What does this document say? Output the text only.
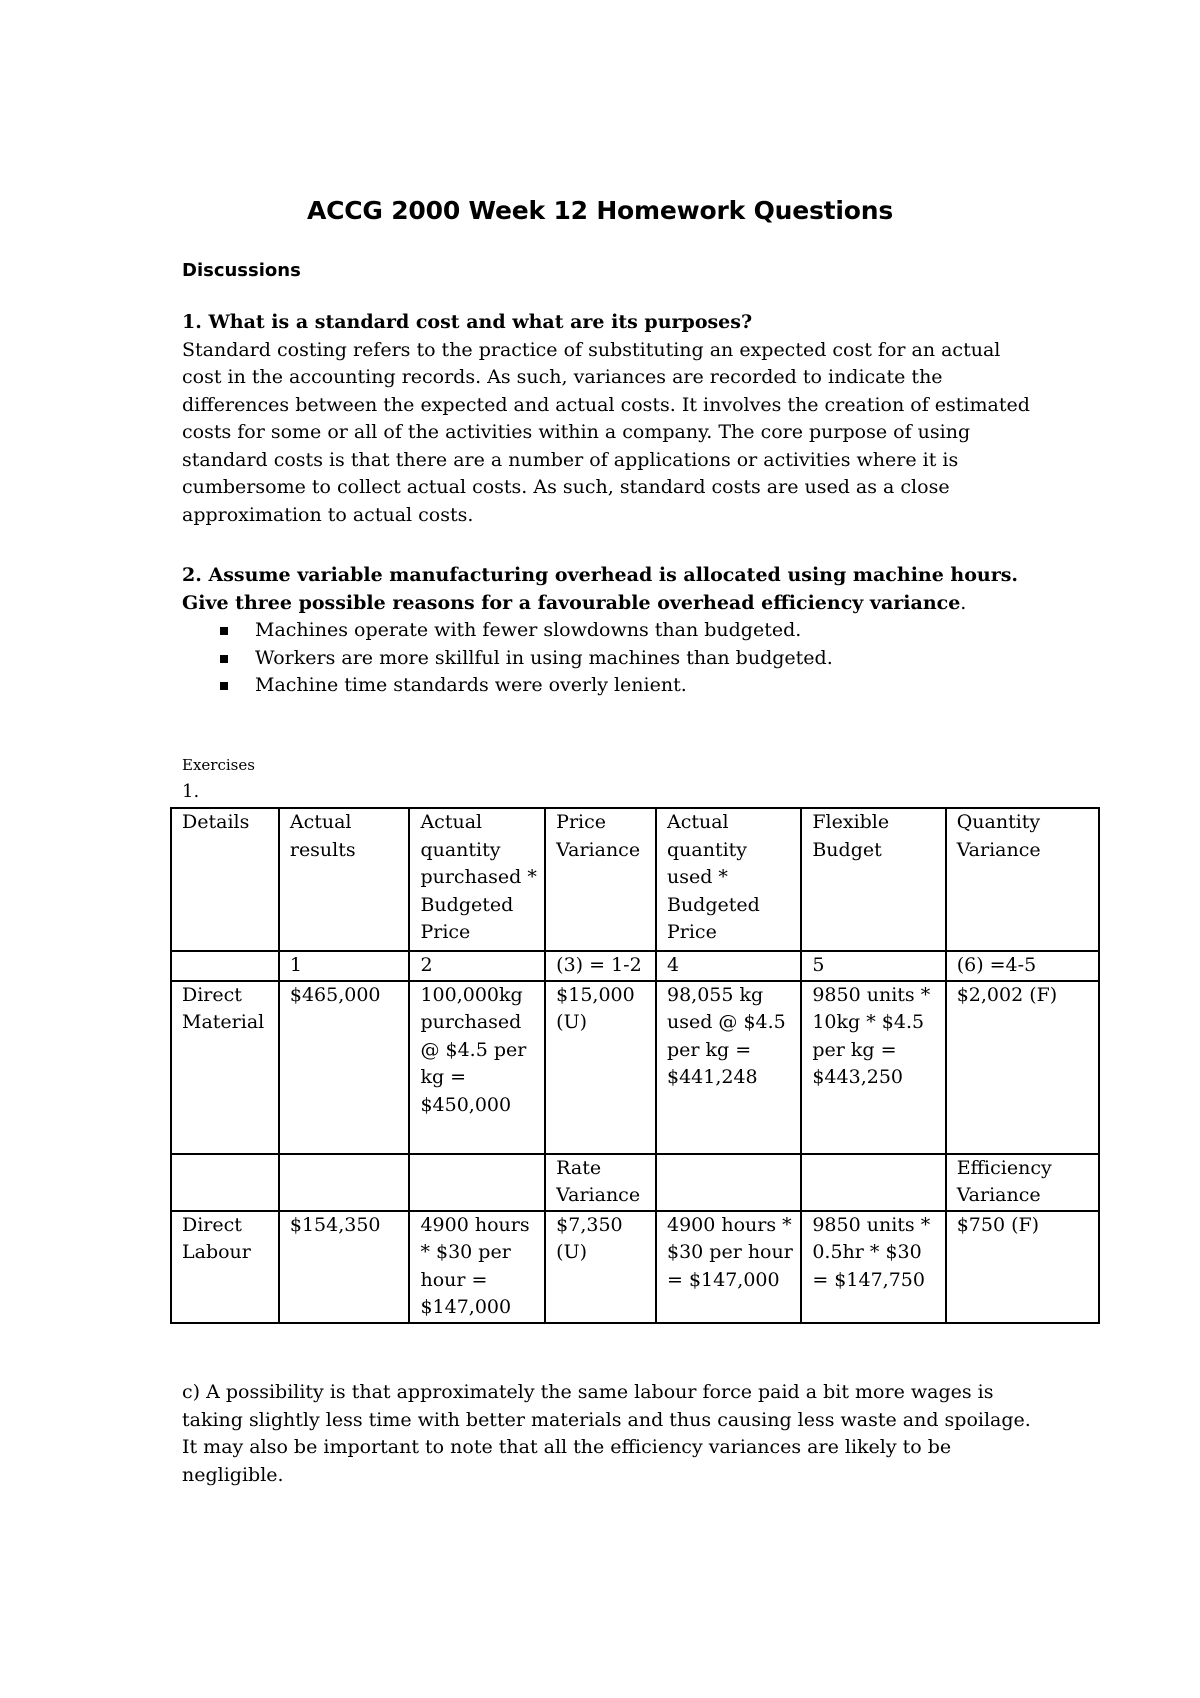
ACCG 2000 Week 12 Homework Questions
Discussions
1. What is a standard cost and what are its purposes?
Standard costing refers to the practice of substituting an expected cost for an actual cost in the accounting records. As such, variances are recorded to indicate the differences between the expected and actual costs. It involves the creation of estimated costs for some or all of the activities within a company. The core purpose of using standard costs is that there are a number of applications or activities where it is cumbersome to collect actual costs. As such, standard costs are used as a close approximation to actual costs.
2. Assume variable manufacturing overhead is allocated using machine hours. Give three possible reasons for a favourable overhead efficiency variance.
Machines operate with fewer slowdowns than budgeted.
Workers are more skillful in using machines than budgeted.
Machine time standards were overly lenient.
Exercises
1.
Details	Actual results	Actual quantity purchased * Budgeted Price	Price Variance	Actual quantity used * Budgeted Price	Flexible Budget	Quantity Variance
	1	2	(3) = 1-2	4	5	(6) =4-5
Direct Material	$465,000	100,000kg purchased @ $4.5 per kg = $450,000	$15,000 (U)	98,055 kg used @ $4.5 per kg = $441,248	9850 units * 10kg * $4.5 per kg = $443,250	$2,002 (F)
			Rate Variance			Efficiency Variance
Direct Labour	$154,350	4900 hours * $30 per hour = $147,000	$7,350 (U)	4900 hours * $30 per hour = $147,000	9850 units * 0.5hr * $30 = $147,750	$750 (F)
c) A possibility is that approximately the same labour force paid a bit more wages is taking slightly less time with better materials and thus causing less waste and spoilage. It may also be important to note that all the efficiency variances are likely to be negligible.
